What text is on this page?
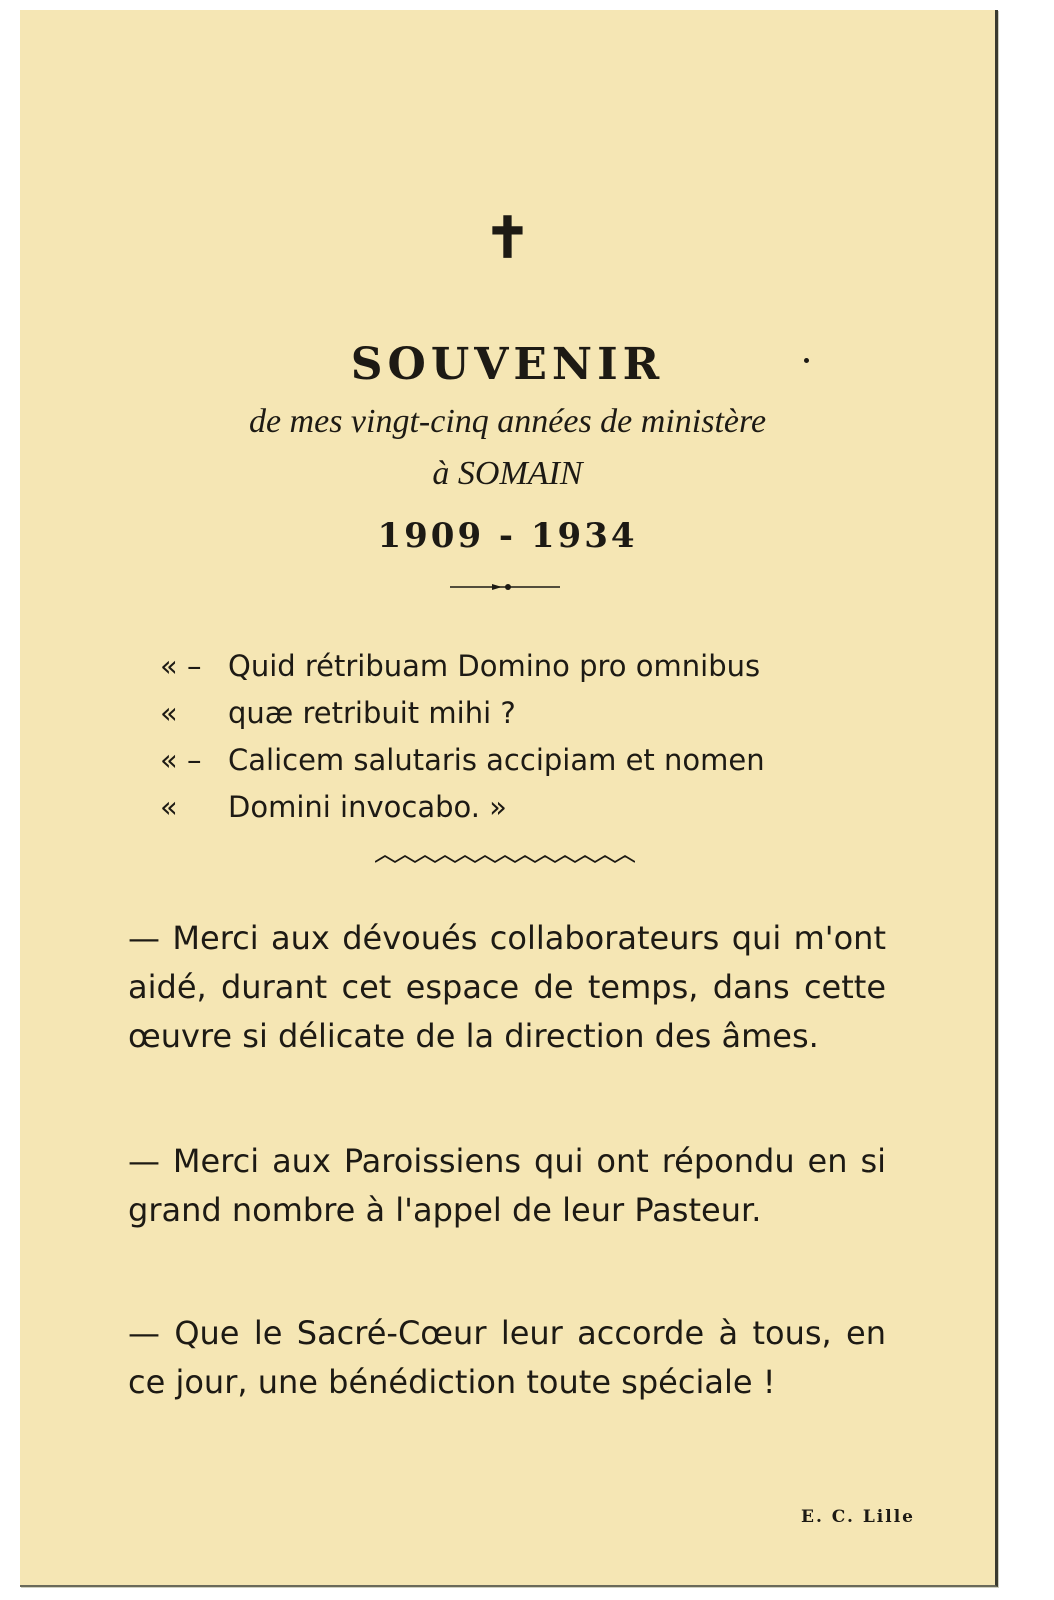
✝
SOUVENIR
de mes vingt-cinq années de ministère
à SOMAIN
1909 - 1934
« – Quid rétribuam Domino pro omnibus
« quæ retribuit mihi ?
« – Calicem salutaris accipiam et nomen
« Domini invocabo. »
— Merci aux dévoués collaborateurs qui m'ont aidé, durant cet espace de temps, dans cette œuvre si délicate de la direction des âmes.
— Merci aux Paroissiens qui ont répondu en si grand nombre à l'appel de leur Pasteur.
— Que le Sacré-Cœur leur accorde à tous, en ce jour, une bénédiction toute spéciale !
E. C. Lille
